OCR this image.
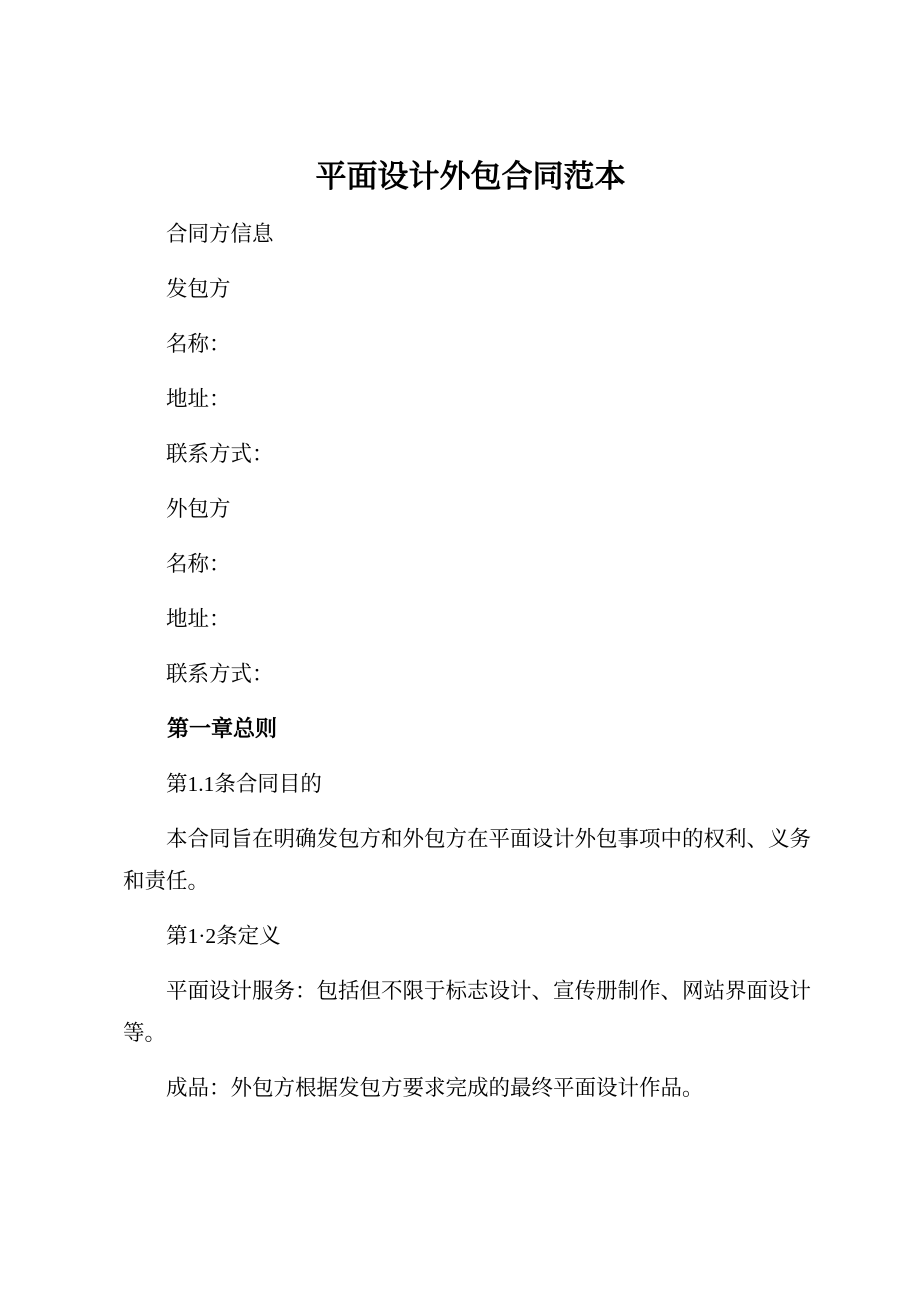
平面设计外包合同范本

合同方信息

发包方

名称：

地址：

联系方式：

外包方

名称：

地址：

联系方式：

第一章总则

第1.1条合同目的

本合同旨在明确发包方和外包方在平面设计外包事项中的权利、义务和责任。

第1·2条定义

平面设计服务：包括但不限于标志设计、宣传册制作、网站界面设计等。

成品：外包方根据发包方要求完成的最终平面设计作品。
